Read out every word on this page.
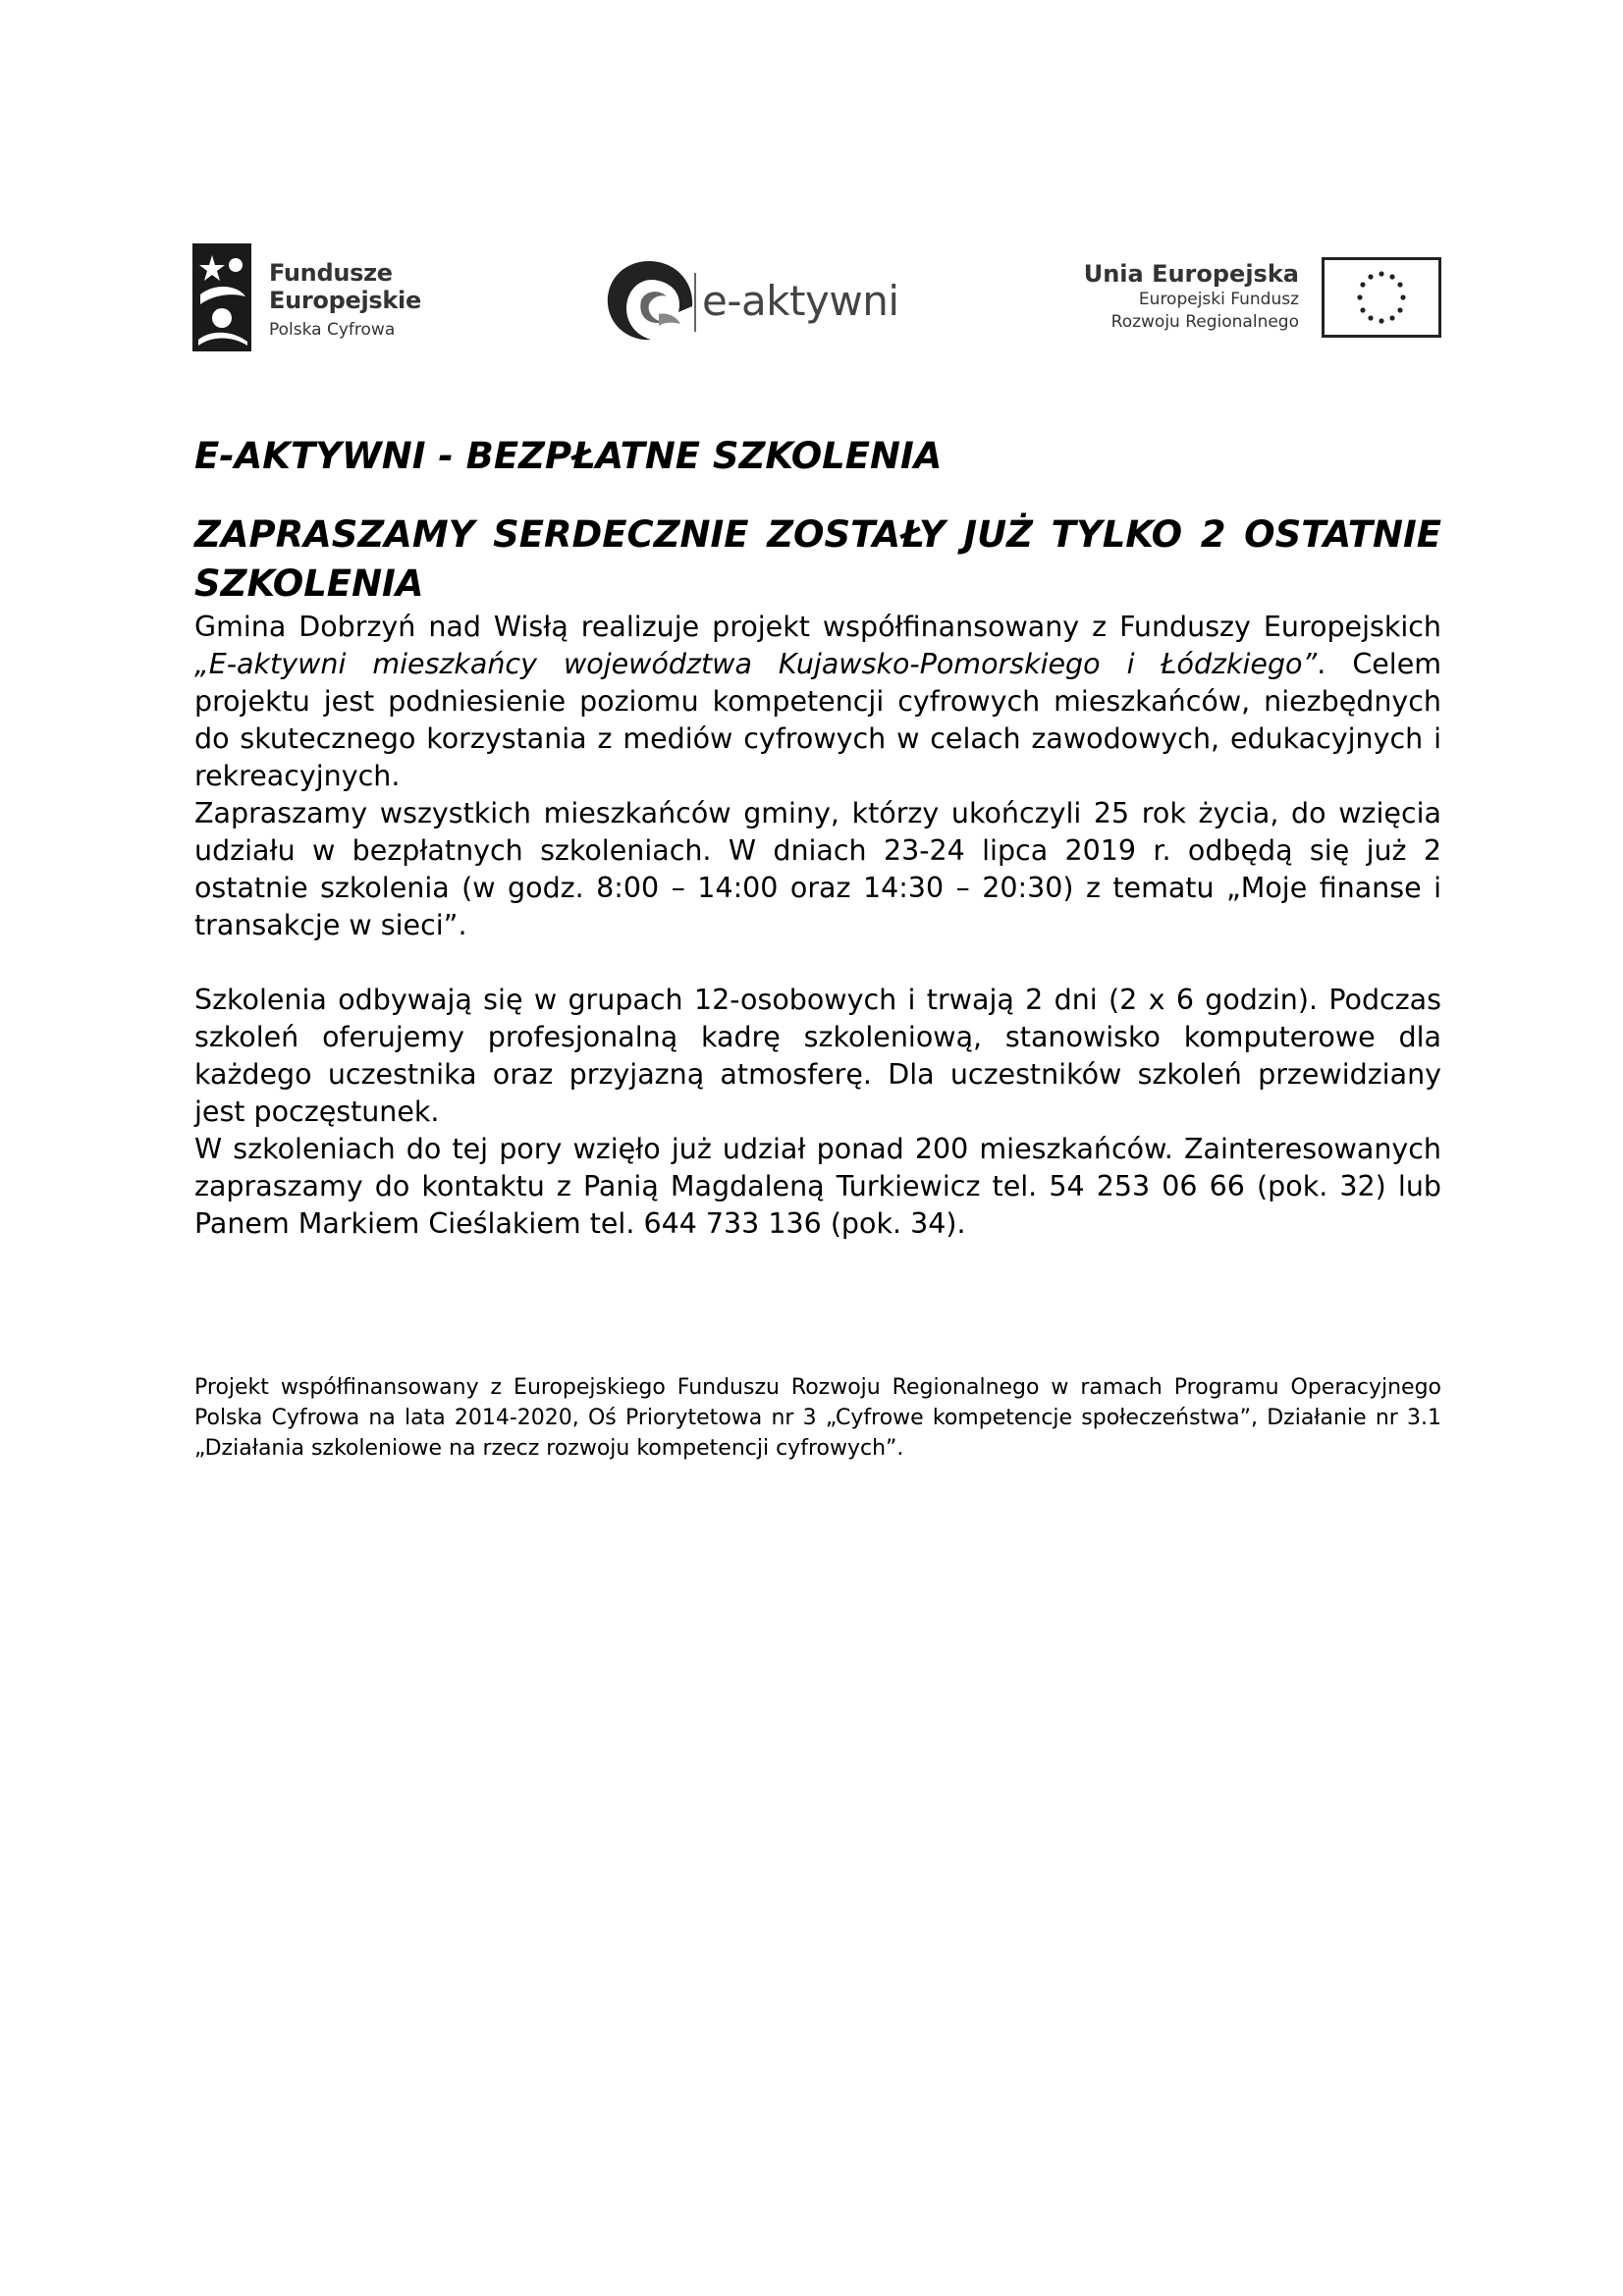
Fundusze
Europejskie
Polska Cyfrowa
e-aktywni
Unia Europejska
Europejski Fundusz
Rozwoju Regionalnego
E-AKTYWNI - BEZPŁATNE SZKOLENIA
ZAPRASZAMY SERDECZNIE ZOSTAŁY JUŻ TYLKO 2 OSTATNIE SZKOLENIA

Gmina Dobrzyń nad Wisłą realizuje projekt współfinansowany z Funduszy Europejskich „E-aktywni mieszkańcy województwa Kujawsko-Pomorskiego i Łódzkiego”. Celem projektu jest podniesienie poziomu kompetencji cyfrowych mieszkańców, niezbędnych do skutecznego korzystania z mediów cyfrowych w celach zawodowych, edukacyjnych i rekreacyjnych.

Zapraszamy wszystkich mieszkańców gminy, którzy ukończyli 25 rok życia, do wzięcia udziału w bezpłatnych szkoleniach. W dniach 23-24 lipca 2019 r. odbędą się już 2 ostatnie szkolenia (w godz. 8:00 – 14:00 oraz 14:30 – 20:30) z tematu „Moje finanse i transakcje w sieci”.

Szkolenia odbywają się w grupach 12-osobowych i trwają 2 dni (2 x 6 godzin). Podczas szkoleń oferujemy profesjonalną kadrę szkoleniową, stanowisko komputerowe dla każdego uczestnika oraz przyjazną atmosferę. Dla uczestników szkoleń przewidziany jest poczęstunek.

W szkoleniach do tej pory wzięło już udział ponad 200 mieszkańców. Zainteresowanych zapraszamy do kontaktu z Panią Magdaleną Turkiewicz tel. 54 253 06 66 (pok. 32) lub Panem Markiem Cieślakiem tel. 644 733 136 (pok. 34).

Projekt współfinansowany z Europejskiego Funduszu Rozwoju Regionalnego w ramach Programu Operacyjnego Polska Cyfrowa na lata 2014-2020, Oś Priorytetowa nr 3 „Cyfrowe kompetencje społeczeństwa”, Działanie nr 3.1 „Działania szkoleniowe na rzecz rozwoju kompetencji cyfrowych”.
